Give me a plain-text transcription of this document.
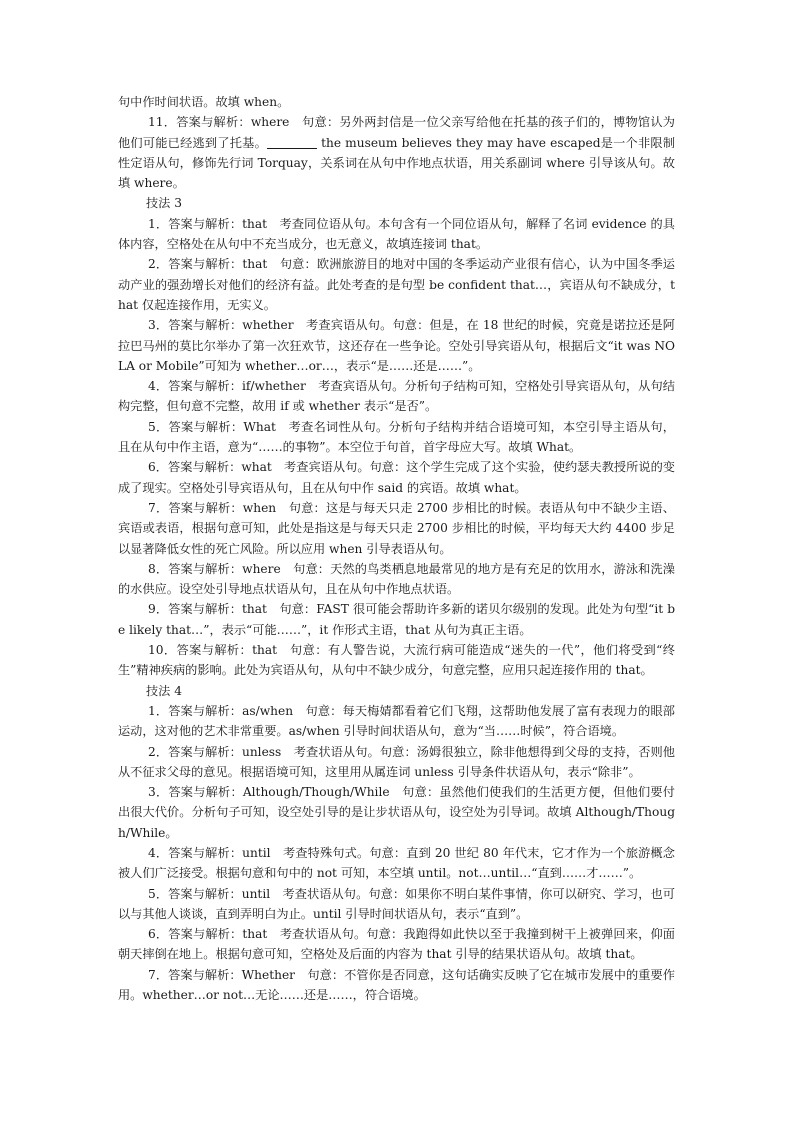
句中作时间状语。故填 when。

11．答案与解析：where　句意：另外两封信是一位父亲写给他在托基的孩子们的，博物馆认为他们可能已经逃到了托基。	the museum believes they may have escaped是一个非限制性定语从句，修饰先行词 Torquay，关系词在从句中作地点状语，用关系副词 where 引导该从句。故填 where。

技法 3

1．答案与解析：that　考查同位语从句。本句含有一个同位语从句，解释了名词 evidence 的具体内容，空格处在从句中不充当成分，也无意义，故填连接词 that。

2．答案与解析：that　句意：欧洲旅游目的地对中国的冬季运动产业很有信心，认为中国冬季运动产业的强劲增长对他们的经济有益。此处考查的是句型 be confident that…，宾语从句不缺成分，that 仅起连接作用，无实义。

3．答案与解析：whether　考查宾语从句。句意：但是，在 18 世纪的时候，究竟是诺拉还是阿拉巴马州的莫比尔举办了第一次狂欢节，这还存在一些争论。空处引导宾语从句，根据后文“it was NOLA or Mobile”可知为 whether…or…，表示“是……还是……”。

4．答案与解析：if/whether　考查宾语从句。分析句子结构可知，空格处引导宾语从句，从句结构完整，但句意不完整，故用 if 或 whether 表示“是否”。

5．答案与解析：What　考查名词性从句。分析句子结构并结合语境可知，本空引导主语从句，且在从句中作主语，意为“……的事物”。本空位于句首，首字母应大写。故填 What。

6．答案与解析：what　考查宾语从句。句意：这个学生完成了这个实验，使约瑟夫教授所说的变成了现实。空格处引导宾语从句，且在从句中作 said 的宾语。故填 what。

7．答案与解析：when　句意：这是与每天只走 2700 步相比的时候。表语从句中不缺少主语、宾语或表语，根据句意可知，此处是指这是与每天只走 2700 步相比的时候，平均每天大约 4400 步足以显著降低女性的死亡风险。所以应用 when 引导表语从句。

8．答案与解析：where　句意：天然的鸟类栖息地最常见的地方是有充足的饮用水，游泳和洗澡的水供应。设空处引导地点状语从句，且在从句中作地点状语。

9．答案与解析：that　句意：FAST 很可能会帮助许多新的诺贝尔级别的发现。此处为句型“it be likely that…”，表示“可能……”，it 作形式主语，that 从句为真正主语。

10．答案与解析：that　句意：有人警告说，大流行病可能造成“迷失的一代”，他们将受到“终生”精神疾病的影响。此处为宾语从句，从句中不缺少成分，句意完整，应用只起连接作用的 that。

技法 4

1．答案与解析：as/when　句意：每天梅婧都看着它们飞翔，这帮助他发展了富有表现力的眼部运动，这对他的艺术非常重要。as/when 引导时间状语从句，意为“当……时候”，符合语境。

2．答案与解析：unless　考查状语从句。句意：汤姆很独立，除非他想得到父母的支持，否则他从不征求父母的意见。根据语境可知，这里用从属连词 unless 引导条件状语从句，表示“除非”。

3．答案与解析：Although/Though/While　句意：虽然他们使我们的生活更方便，但他们要付出很大代价。分析句子可知，设空处引导的是让步状语从句，设空处为引导词。故填 Although/Though/While。

4．答案与解析：until　考查特殊句式。句意：直到 20 世纪 80 年代末，它才作为一个旅游概念被人们广泛接受。根据句意和句中的 not 可知，本空填 until。not…until…“直到……才……”。

5．答案与解析：until　考查状语从句。句意：如果你不明白某件事情，你可以研究、学习，也可以与其他人谈谈，直到弄明白为止。until 引导时间状语从句，表示“直到”。

6．答案与解析：that　考查状语从句。句意：我跑得如此快以至于我撞到树干上被弹回来，仰面朝天摔倒在地上。根据句意可知，空格处及后面的内容为 that 引导的结果状语从句。故填 that。

7．答案与解析：Whether　句意：不管你是否同意，这句话确实反映了它在城市发展中的重要作用。whether…or not…无论……还是……，符合语境。
